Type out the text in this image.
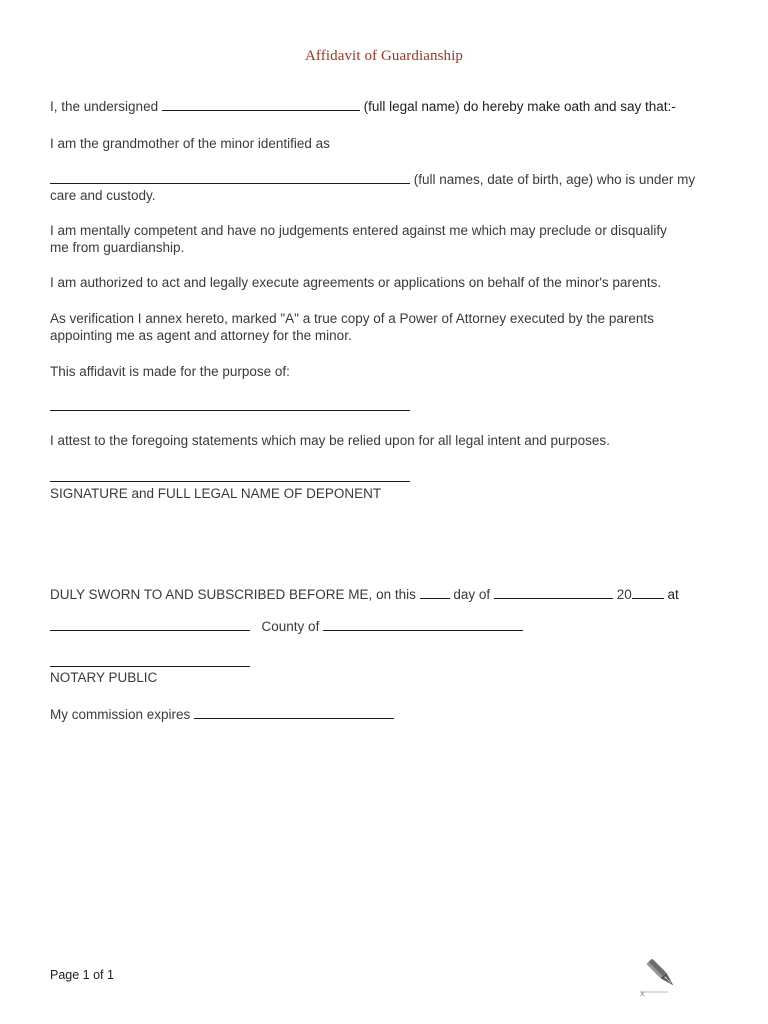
Affidavit of Guardianship
I, the undersigned	(full legal name) do hereby make oath and say that:-
I am the grandmother of the minor identified as
(full names, date of birth, age) who is under my
care and custody.
I am mentally competent and have no judgements entered against me which may preclude or disqualify
me from guardianship.
I am authorized to act and legally execute agreements or applications on behalf of the minor's parents.
As verification I annex hereto, marked "A" a true copy of a Power of Attorney executed by the parents
appointing me as agent and attorney for the minor.
This affidavit is made for the purpose of:
I attest to the foregoing statements which may be relied upon for all legal intent and purposes.
SIGNATURE and FULL LEGAL NAME OF DEPONENT
DULY SWORN TO AND SUBSCRIBED BEFORE ME, on this	day of	20	at
County of
NOTARY PUBLIC
My commission expires
Page 1 of 1
x
